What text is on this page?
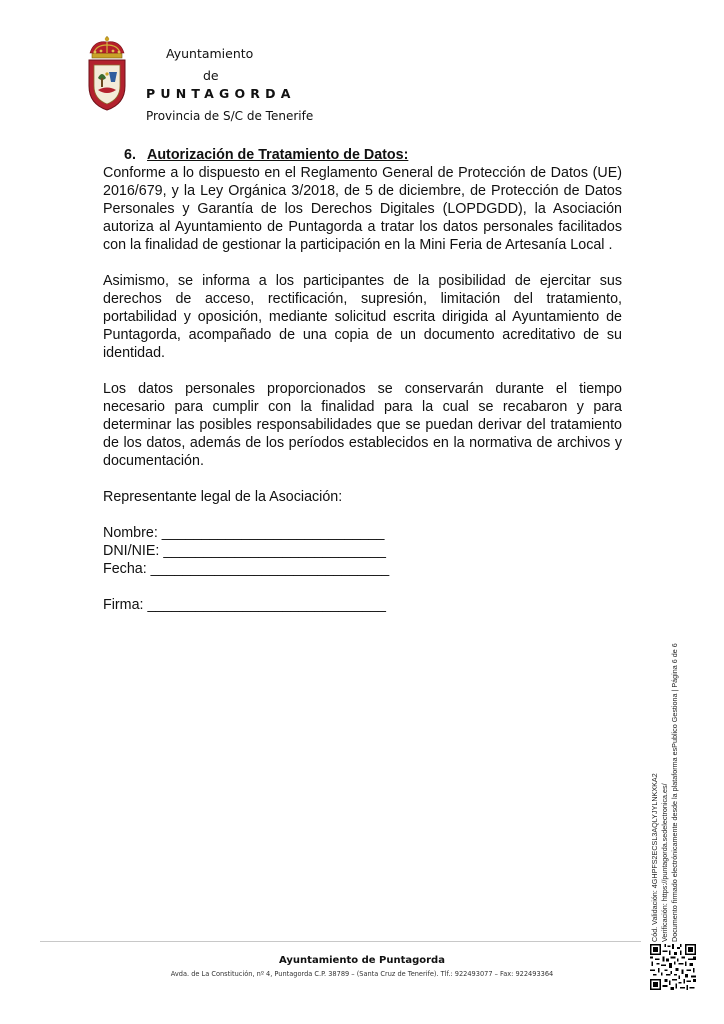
Ayuntamiento
de
PUNTAGORDA
Provincia de S/C de Tenerife

6. Autorización de Tratamiento de Datos:

Conforme a lo dispuesto en el Reglamento General de Protección de Datos (UE) 2016/679, y la Ley Orgánica 3/2018, de 5 de diciembre, de Protección de Datos Personales y Garantía de los Derechos Digitales (LOPDGDD), la Asociación autoriza al Ayuntamiento de Puntagorda a tratar los datos personales facilitados con la finalidad de gestionar la participación en la Mini Feria de Artesanía Local .

Asimismo, se informa a los participantes de la posibilidad de ejercitar sus derechos de acceso, rectificación, supresión, limitación del tratamiento, portabilidad y oposición, mediante solicitud escrita dirigida al Ayuntamiento de Puntagorda, acompañado de una copia de un documento acreditativo de su identidad.

Los datos personales proporcionados se conservarán durante el tiempo necesario para cumplir con la finalidad para la cual se recabaron y para determinar las posibles responsabilidades que se puedan derivar del tratamiento de los datos, además de los períodos establecidos en la normativa de archivos y documentación.

Representante legal de la Asociación:

Nombre: ____________________________

DNI/NIE: ____________________________

Fecha: ______________________________

Firma: ______________________________

Cód. Validación: 4GHPFS2ECSL3AQLYJYLNKXKA2 Verificación: https://puntagorda.sedelectronica.es/ Documento firmado electrónicamente desde la plataforma esPublico Gestiona | Página 6 de 6
Ayuntamiento de Puntagorda
Avda. de La Constitución, nº 4, Puntagorda C.P. 38789 – (Santa Cruz de Tenerife). Tlf.: 922493077 – Fax: 922493364
